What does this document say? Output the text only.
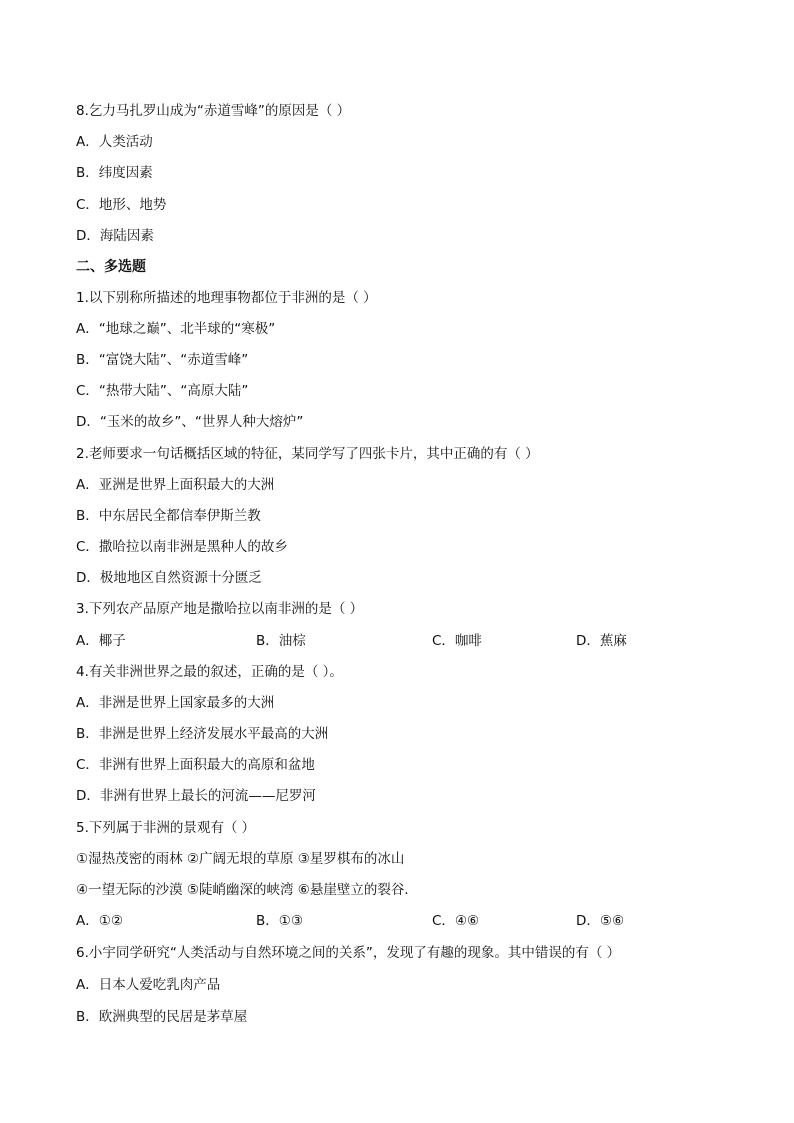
8.乞力马扎罗山成为“赤道雪峰”的原因是（ ）
A．人类活动
B．纬度因素
C．地形、地势
D．海陆因素
二、多选题
1.以下别称所描述的地理事物都位于非洲的是（ ）
A．“地球之巅”、北半球的“寒极”
B．“富饶大陆”、“赤道雪峰”
C．“热带大陆”、“高原大陆”
D．“玉米的故乡”、“世界人种大熔炉”
2.老师要求一句话概括区域的特征，某同学写了四张卡片，其中正确的有（ ）
A．亚洲是世界上面积最大的大洲
B．中东居民全都信奉伊斯兰教
C．撒哈拉以南非洲是黑种人的故乡
D．极地地区自然资源十分匮乏
3.下列农产品原产地是撒哈拉以南非洲的是（ ）
A．椰子	B．油棕	C．咖啡	D．蕉麻
4.有关非洲世界之最的叙述，正确的是（ ）。
A．非洲是世界上国家最多的大洲
B．非洲是世界上经济发展水平最高的大洲
C．非洲有世界上面积最大的高原和盆地
D．非洲有世界上最长的河流——尼罗河
5.下列属于非洲的景观有（ ）
①湿热茂密的雨林 ②广阔无垠的草原 ③星罗棋布的冰山
④一望无际的沙漠 ⑤陡峭幽深的峡湾 ⑥悬崖壁立的裂谷．
A．①②	B．①③	C．④⑥	D．⑤⑥
6.小宇同学研究“人类活动与自然环境之间的关系”，发现了有趣的现象。其中错误的有（ ）
A．日本人爱吃乳肉产品
B．欧洲典型的民居是茅草屋
